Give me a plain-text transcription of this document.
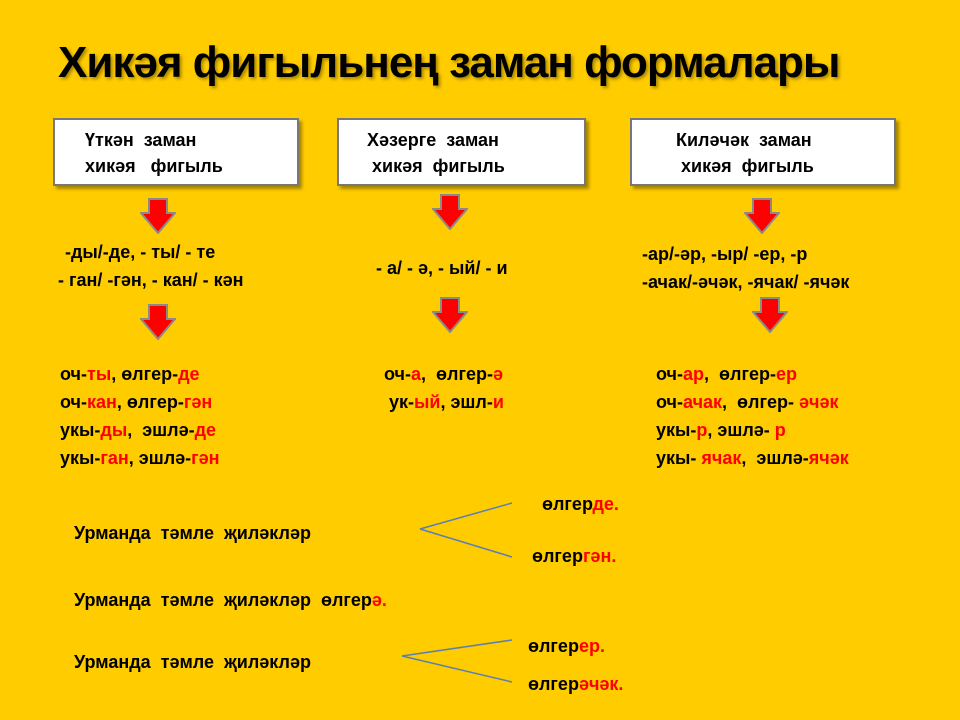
Хикәя фигыльнең заман формалары
Үткән  заман
хикәя   фигыль
Хәзерге  заман
хикәя  фигыль
Киләчәк  заман
хикәя  фигыль
-ды/-де, - ты/ - те
- ган/ -гән, - кан/ - кән
- а/ - ә, - ый/ - и
-ар/-әр, -ыр/ -ер, -р
-ачак/-әчәк, -ячак/ -ячәк
оч-ты, өлгер-де
оч-кан, өлгер-гән
укы-ды,  эшлә-де
укы-ган, эшлә-гән
оч-а,  өлгер-ә
ук-ый, эшл-и
оч-ар,  өлгер-ер
оч-ачак,  өлгер- әчәк
укы-р, эшлә- р
укы- ячак,  эшлә-ячәк
Урманда  тәмле  җиләкләр
өлгерде.
өлгергән.
Урманда  тәмле  җиләкләр  өлгерә.
Урманда  тәмле  җиләкләр
өлгерер.
өлгерәчәк.
